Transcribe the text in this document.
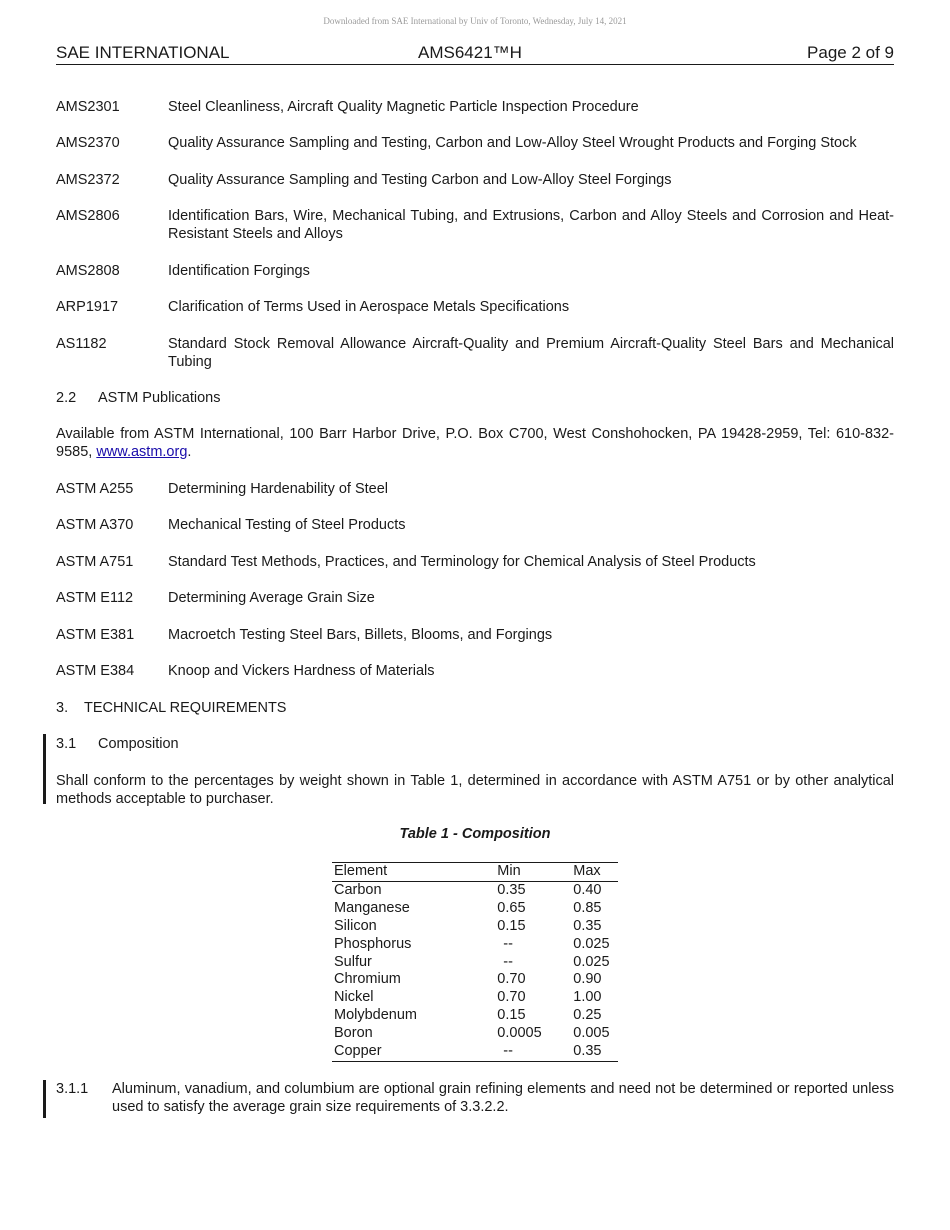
Downloaded from SAE International by Univ of Toronto, Wednesday, July 14, 2021
SAE INTERNATIONAL	AMS6421™H	Page 2 of 9
AMS2301	Steel Cleanliness, Aircraft Quality Magnetic Particle Inspection Procedure
AMS2370	Quality Assurance Sampling and Testing, Carbon and Low-Alloy Steel Wrought Products and Forging Stock
AMS2372	Quality Assurance Sampling and Testing Carbon and Low-Alloy Steel Forgings
AMS2806	Identification Bars, Wire, Mechanical Tubing, and Extrusions, Carbon and Alloy Steels and Corrosion and Heat-Resistant Steels and Alloys
AMS2808	Identification Forgings
ARP1917	Clarification of Terms Used in Aerospace Metals Specifications
AS1182	Standard Stock Removal Allowance Aircraft-Quality and Premium Aircraft-Quality Steel Bars and Mechanical Tubing
2.2 ASTM Publications
Available from ASTM International, 100 Barr Harbor Drive, P.O. Box C700, West Conshohocken, PA 19428-2959, Tel: 610-832-9585, www.astm.org.
ASTM A255 Determining Hardenability of Steel
ASTM A370 Mechanical Testing of Steel Products
ASTM A751 Standard Test Methods, Practices, and Terminology for Chemical Analysis of Steel Products
ASTM E112 Determining Average Grain Size
ASTM E381 Macroetch Testing Steel Bars, Billets, Blooms, and Forgings
ASTM E384 Knoop and Vickers Hardness of Materials
3. TECHNICAL REQUIREMENTS
3.1 Composition
Shall conform to the percentages by weight shown in Table 1, determined in accordance with ASTM A751 or by other analytical methods acceptable to purchaser.
Table 1 - Composition
Element	Min	Max
Carbon	0.35	0.40
Manganese	0.65	0.85
Silicon	0.15	0.35
Phosphorus	--	0.025
Sulfur	--	0.025
Chromium	0.70	0.90
Nickel	0.70	1.00
Molybdenum	0.15	0.25
Boron	0.0005	0.005
Copper	--	0.35
3.1.1 Aluminum, vanadium, and columbium are optional grain refining elements and need not be determined or reported unless used to satisfy the average grain size requirements of 3.3.2.2.
